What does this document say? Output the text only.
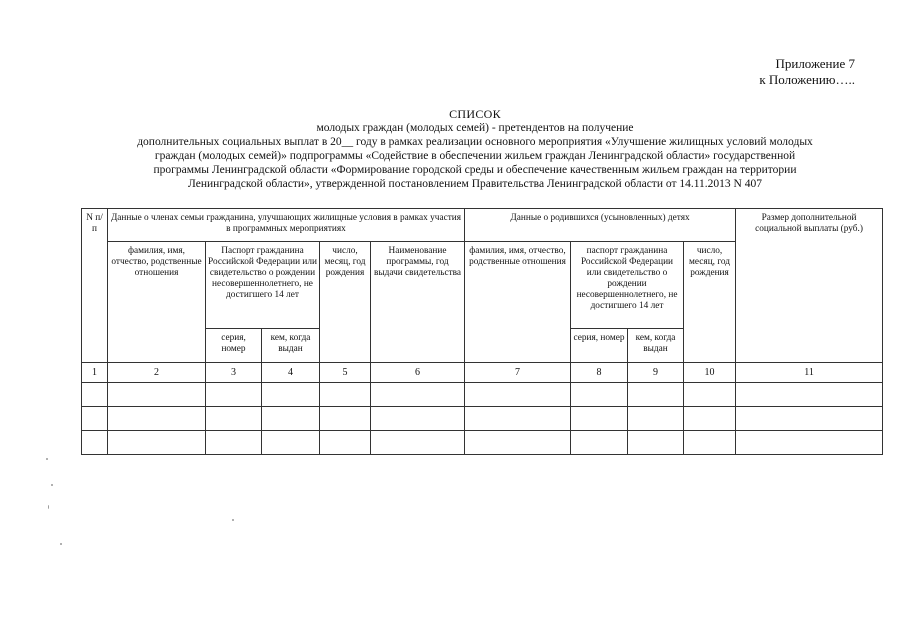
Приложение 7
к Положению…..
СПИСОК
молодых граждан (молодых семей) - претендентов на получение
дополнительных социальных выплат в 20__ году в рамках реализации основного мероприятия «Улучшение жилищных условий молодых
граждан (молодых семей)» подпрограммы «Содействие в обеспечении жильем граждан Ленинградской области» государственной
программы Ленинградской области «Формирование городской среды и обеспечение качественным жильем граждан на территории
Ленинградской области», утвержденной постановлением Правительства Ленинградской области от 14.11.2013 N 407
N п/п	Данные о членах семьи гражданина, улучшающих жилищные условия в рамках участия в программных мероприятиях					Данные о родившихся (усыновленных) детях				Размер дополнительной социальной выплаты (руб.)
	фамилия, имя, отчество, родственные отношения	Паспорт гражданина Российской Федерации или свидетельство о рождении несовершеннолетнего, не достигшего 14 лет		число, месяц, год рождения	Наименование программы, год выдачи свидетельства	фамилия, имя, отчество, родственные отношения	паспорт гражданина Российской Федерации или свидетельство о рождении несовершеннолетнего, не достигшего 14 лет		число, месяц, год рождения	

		серия, номер	кем, когда выдан				серия, номер	кем, когда выдан		
1	2	3	4	5	6	7	8	9	10	11
